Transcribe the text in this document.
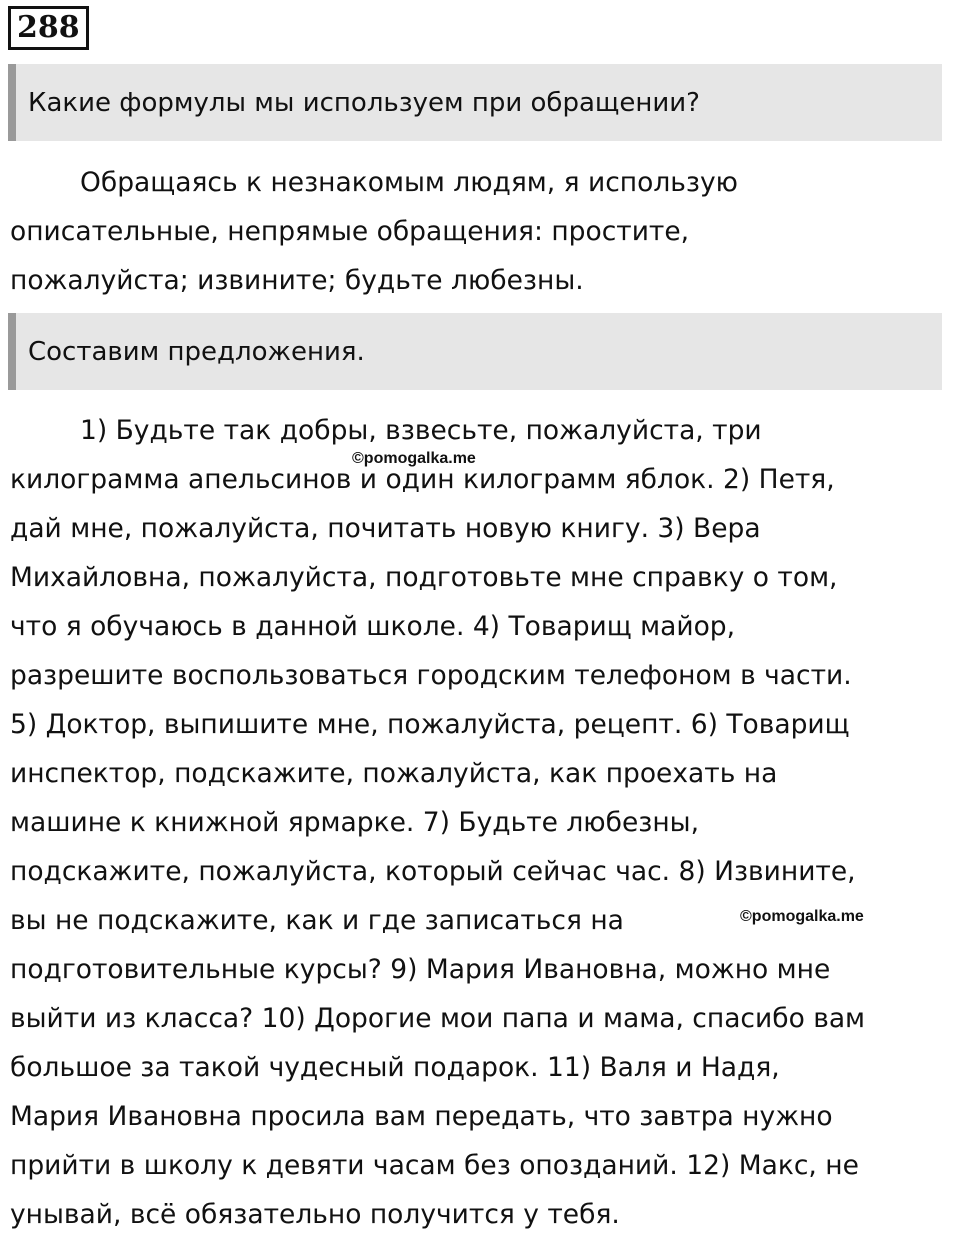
288
Какие формулы мы используем при обращении?

Обращаясь к незнакомым людям, я использую
описательные, непрямые обращения: простите,
пожалуйста; извините; будьте любезны.

Составим предложения.

1) Будьте так добры, взвесьте, пожалуйста, три
килограмма апельсинов и один килограмм яблок. 2) Петя,
дай мне, пожалуйста, почитать новую книгу. 3) Вера
Михайловна, пожалуйста, подготовьте мне справку о том,
что я обучаюсь в данной школе. 4) Товарищ майор,
разрешите воспользоваться городским телефоном в части.
5) Доктор, выпишите мне, пожалуйста, рецепт. 6) Товарищ
инспектор, подскажите, пожалуйста, как проехать на
машине к книжной ярмарке. 7) Будьте любезны,
подскажите, пожалуйста, который сейчас час. 8) Извините,
вы не подскажите, как и где записаться на
подготовительные курсы? 9) Мария Ивановна, можно мне
выйти из класса? 10) Дорогие мои папа и мама, спасибо вам
большое за такой чудесный подарок. 11) Валя и Надя,
Мария Ивановна просила вам передать, что завтра нужно
прийти в школу к девяти часам без опозданий. 12) Макс, не
унывай, всё обязательно получится у тебя.

©pomogalka.me
©pomogalka.me
